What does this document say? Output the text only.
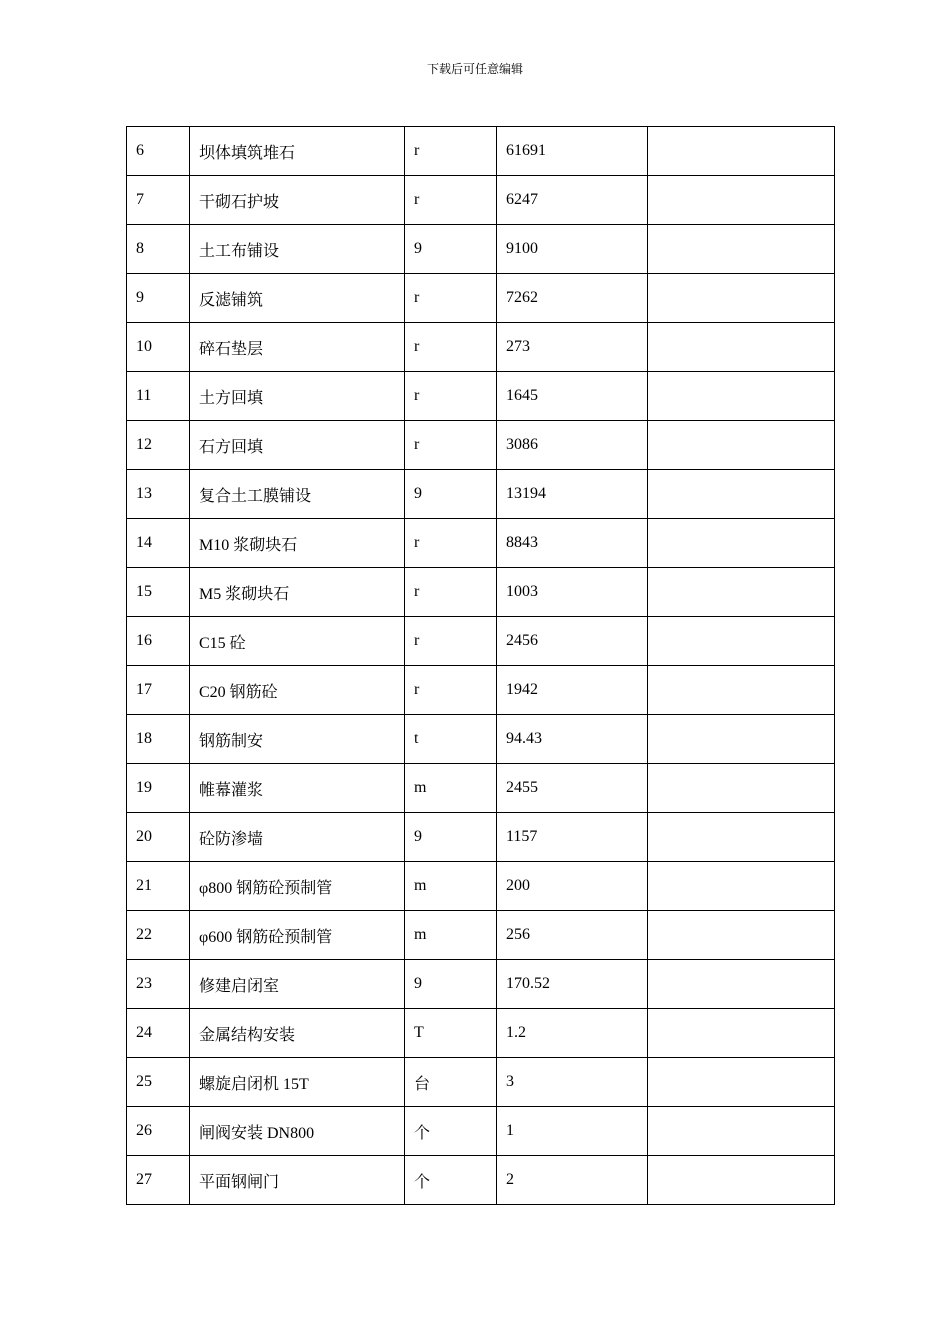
下载后可任意编辑
6	坝体填筑堆石	r	61691	
7	干砌石护坡	r	6247	
8	土工布铺设	9	9100	
9	反滤铺筑	r	7262	
10	碎石垫层	r	273	
11	土方回填	r	1645	
12	石方回填	r	3086	
13	复合土工膜铺设	9	13194	
14	M10 浆砌块石	r	8843	
15	M5 浆砌块石	r	1003	
16	C15 砼	r	2456	
17	C20 钢筋砼	r	1942	
18	钢筋制安	t	94.43	
19	帷幕灌浆	m	2455	
20	砼防渗墙	9	1157	
21	φ800 钢筋砼预制管	m	200	
22	φ600 钢筋砼预制管	m	256	
23	修建启闭室	9	170.52	
24	金属结构安装	T	1.2	
25	螺旋启闭机 15T	台	3	
26	闸阀安装 DN800	个	1	
27	平面钢闸门	个	2	
